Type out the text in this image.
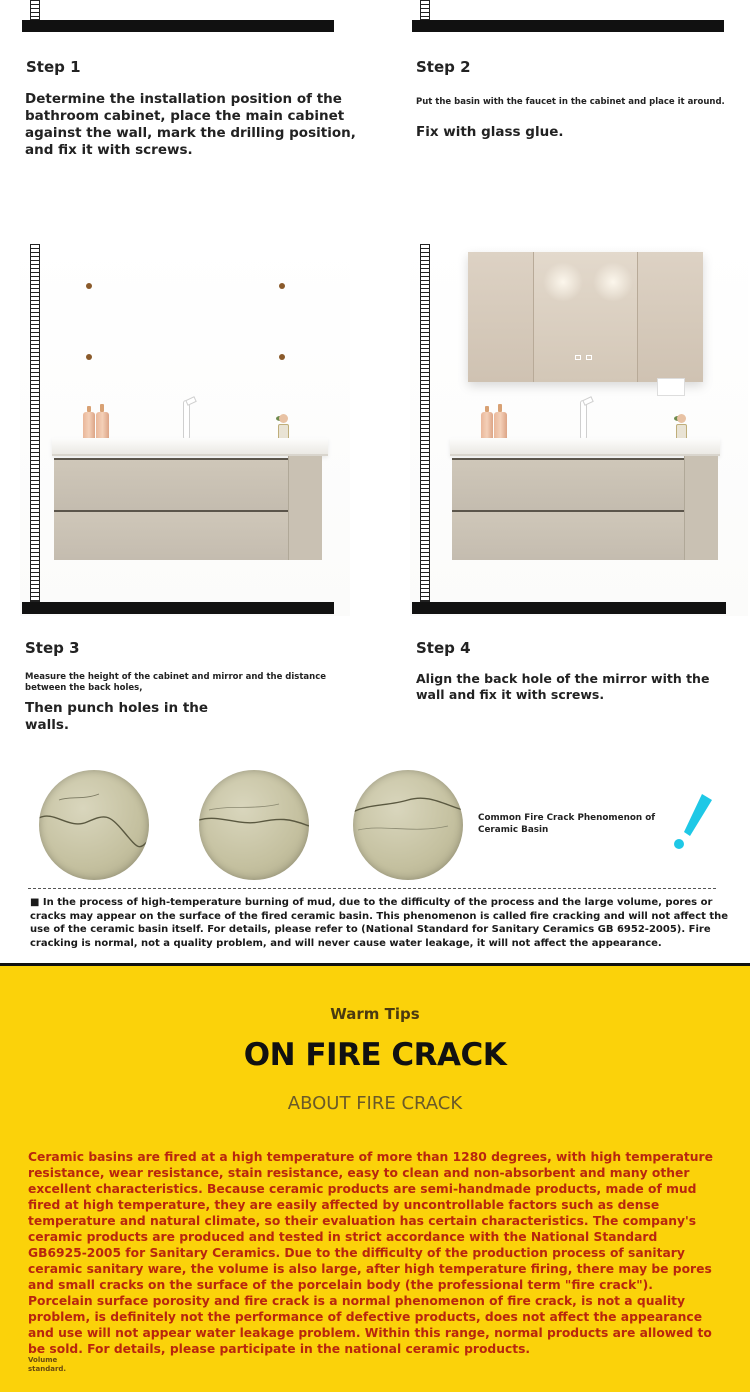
Step 1
Determine the installation position of the bathroom cabinet, place the main cabinet against the wall, mark the drilling position, and fix it with screws.
Step 2
Put the basin with the faucet in the cabinet and place it around.
Fix with glass glue.
Step 3
Measure the height of the cabinet and mirror and the distance between the back holes,
Then punch holes in the walls.
Step 4
Align the back hole of the mirror with the wall and fix it with screws.
Common Fire Crack Phenomenon of Ceramic Basin
■ In the process of high-temperature burning of mud, due to the difficulty of the process and the large volume, pores or cracks may appear on the surface of the fired ceramic basin. This phenomenon is called fire cracking and will not affect the use of the ceramic basin itself. For details, please refer to (National Standard for Sanitary Ceramics GB 6952-2005). Fire cracking is normal, not a quality problem, and will never cause water leakage, it will not affect the appearance.
Warm Tips
ON FIRE CRACK
ABOUT FIRE CRACK
Ceramic basins are fired at a high temperature of more than 1280 degrees, with high temperature resistance, wear resistance, stain resistance, easy to clean and non-absorbent and many other excellent characteristics. Because ceramic products are semi-handmade products, made of mud fired at high temperature, they are easily affected by uncontrollable factors such as dense temperature and natural climate, so their evaluation has certain characteristics. The company's ceramic products are produced and tested in strict accordance with the National Standard GB6925-2005 for Sanitary Ceramics. Due to the difficulty of the production process of sanitary ceramic sanitary ware, the volume is also large, after high temperature firing, there may be pores and small cracks on the surface of the porcelain body (the professional term "fire crack"). Porcelain surface porosity and fire crack is a normal phenomenon of fire crack, is not a quality problem, is definitely not the performance of defective products, does not affect the appearance and use will not appear water leakage problem. Within this range, normal products are allowed to be sold. For details, please participate in the national ceramic products.
Volume
standard.
